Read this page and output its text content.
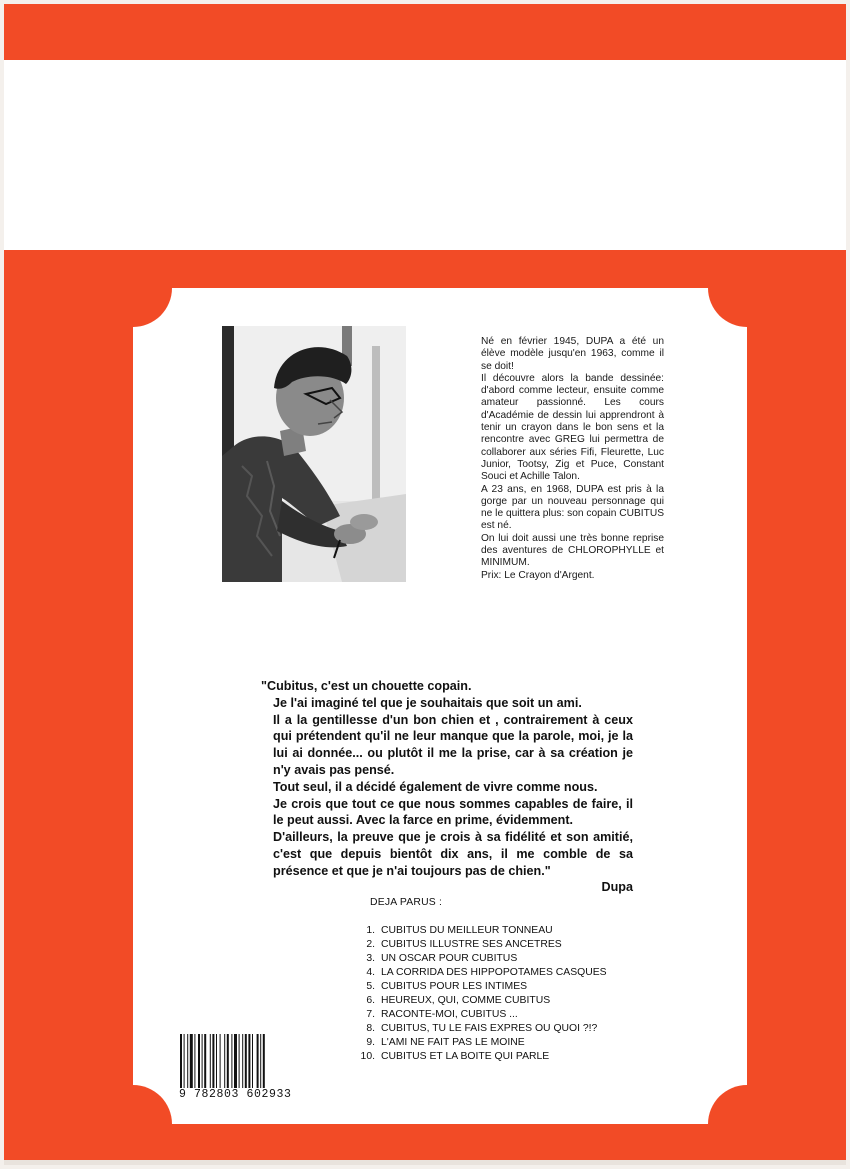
Né en février 1945, DUPA a été un élève modèle jusqu'en 1963, comme il se doit!

Il découvre alors la bande dessinée: d'abord comme lecteur, ensuite comme amateur passionné. Les cours d'Académie de dessin lui apprendront à tenir un crayon dans le bon sens et la rencontre avec GREG lui permettra de collaborer aux séries Fifi, Fleurette, Luc Junior, Tootsy, Zig et Puce, Constant Souci et Achille Talon.

A 23 ans, en 1968, DUPA est pris à la gorge par un nouveau personnage qui ne le quittera plus: son copain CUBITUS est né.

On lui doit aussi une très bonne reprise des aventures de CHLOROPHYLLE et MINIMUM.

Prix: Le Crayon d'Argent.

"Cubitus, c'est un chouette copain.

Je l'ai imaginé tel que je souhaitais que soit un ami.

Il a la gentillesse d'un bon chien et , contrairement à ceux qui prétendent qu'il ne leur manque que la parole, moi, je la lui ai donnée... ou plutôt il me la prise, car à sa création je n'y avais pas pensé.

Tout seul, il a décidé également de vivre comme nous.

Je crois que tout ce que nous sommes capables de faire, il le peut aussi. Avec la farce en prime, évidemment.

D'ailleurs, la preuve que je crois à sa fidélité et son amitié, c'est que depuis bientôt dix ans, il me comble de sa présence et que je n'ai toujours pas de chien."

Dupa

DEJA PARUS :
1. CUBITUS DU MEILLEUR TONNEAU
2. CUBITUS ILLUSTRE SES ANCETRES
3. UN OSCAR POUR CUBITUS
4. LA CORRIDA DES HIPPOPOTAMES CASQUES
5. CUBITUS POUR LES INTIMES
6. HEUREUX, QUI, COMME CUBITUS
7. RACONTE-MOI, CUBITUS ...
8. CUBITUS, TU LE FAIS EXPRES OU QUOI ?!?
9. L'AMI NE FAIT PAS LE MOINE
10. CUBITUS ET LA BOITE QUI PARLE
9 782803 602933
